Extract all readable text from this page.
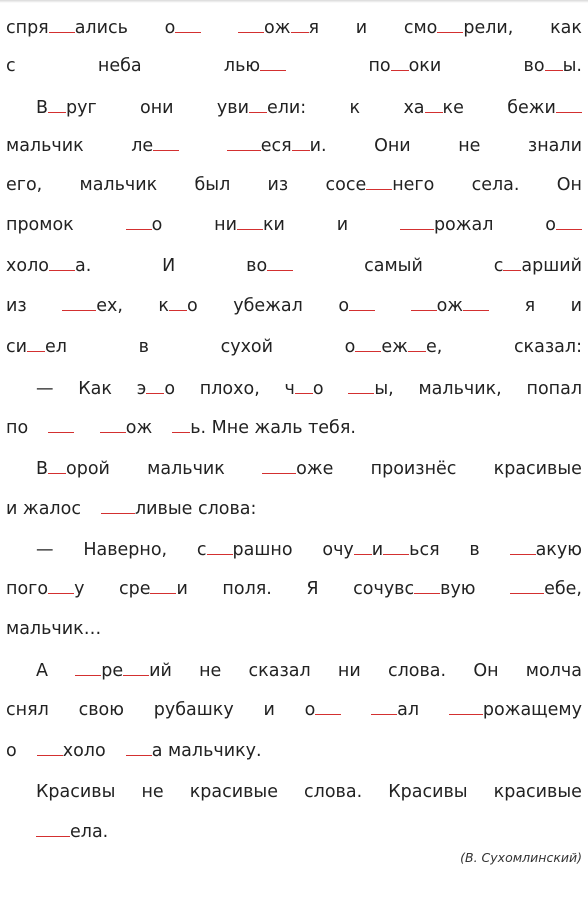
спря ались о	ож я и смо рели, как
с	неба	лью	по оки	во ы.
В руг они уви ели: к ха ке бежи
мальчик	ле	еся и.	Они	не	знали
его, мальчик был из сосе него села. Он
промок	о	ни ки	и	рожал	о
холо а.	И	во	самый	с арший
из	ех, к о убежал о	ож	я и
си ел	в	сухой	о еж е,	сказал:
— Как э о плохо, ч о	ы, мальчик, попал
по
	ож ь. Мне жаль тебя.
В орой мальчик	оже произнёс красивые
и жалос	ливые слова:
— Наверно, с рашно очу и ься в	акую
пого у сре и поля. Я сочувс вую	ебе,
мальчик…
А	ре ий не сказал ни слова. Он молча
снял свою рубашку и о	ал	рожащему
о	холо	а мальчику.
Красивы не красивые слова. Красивы красивые
ела.
(В. Сухомлинский)
